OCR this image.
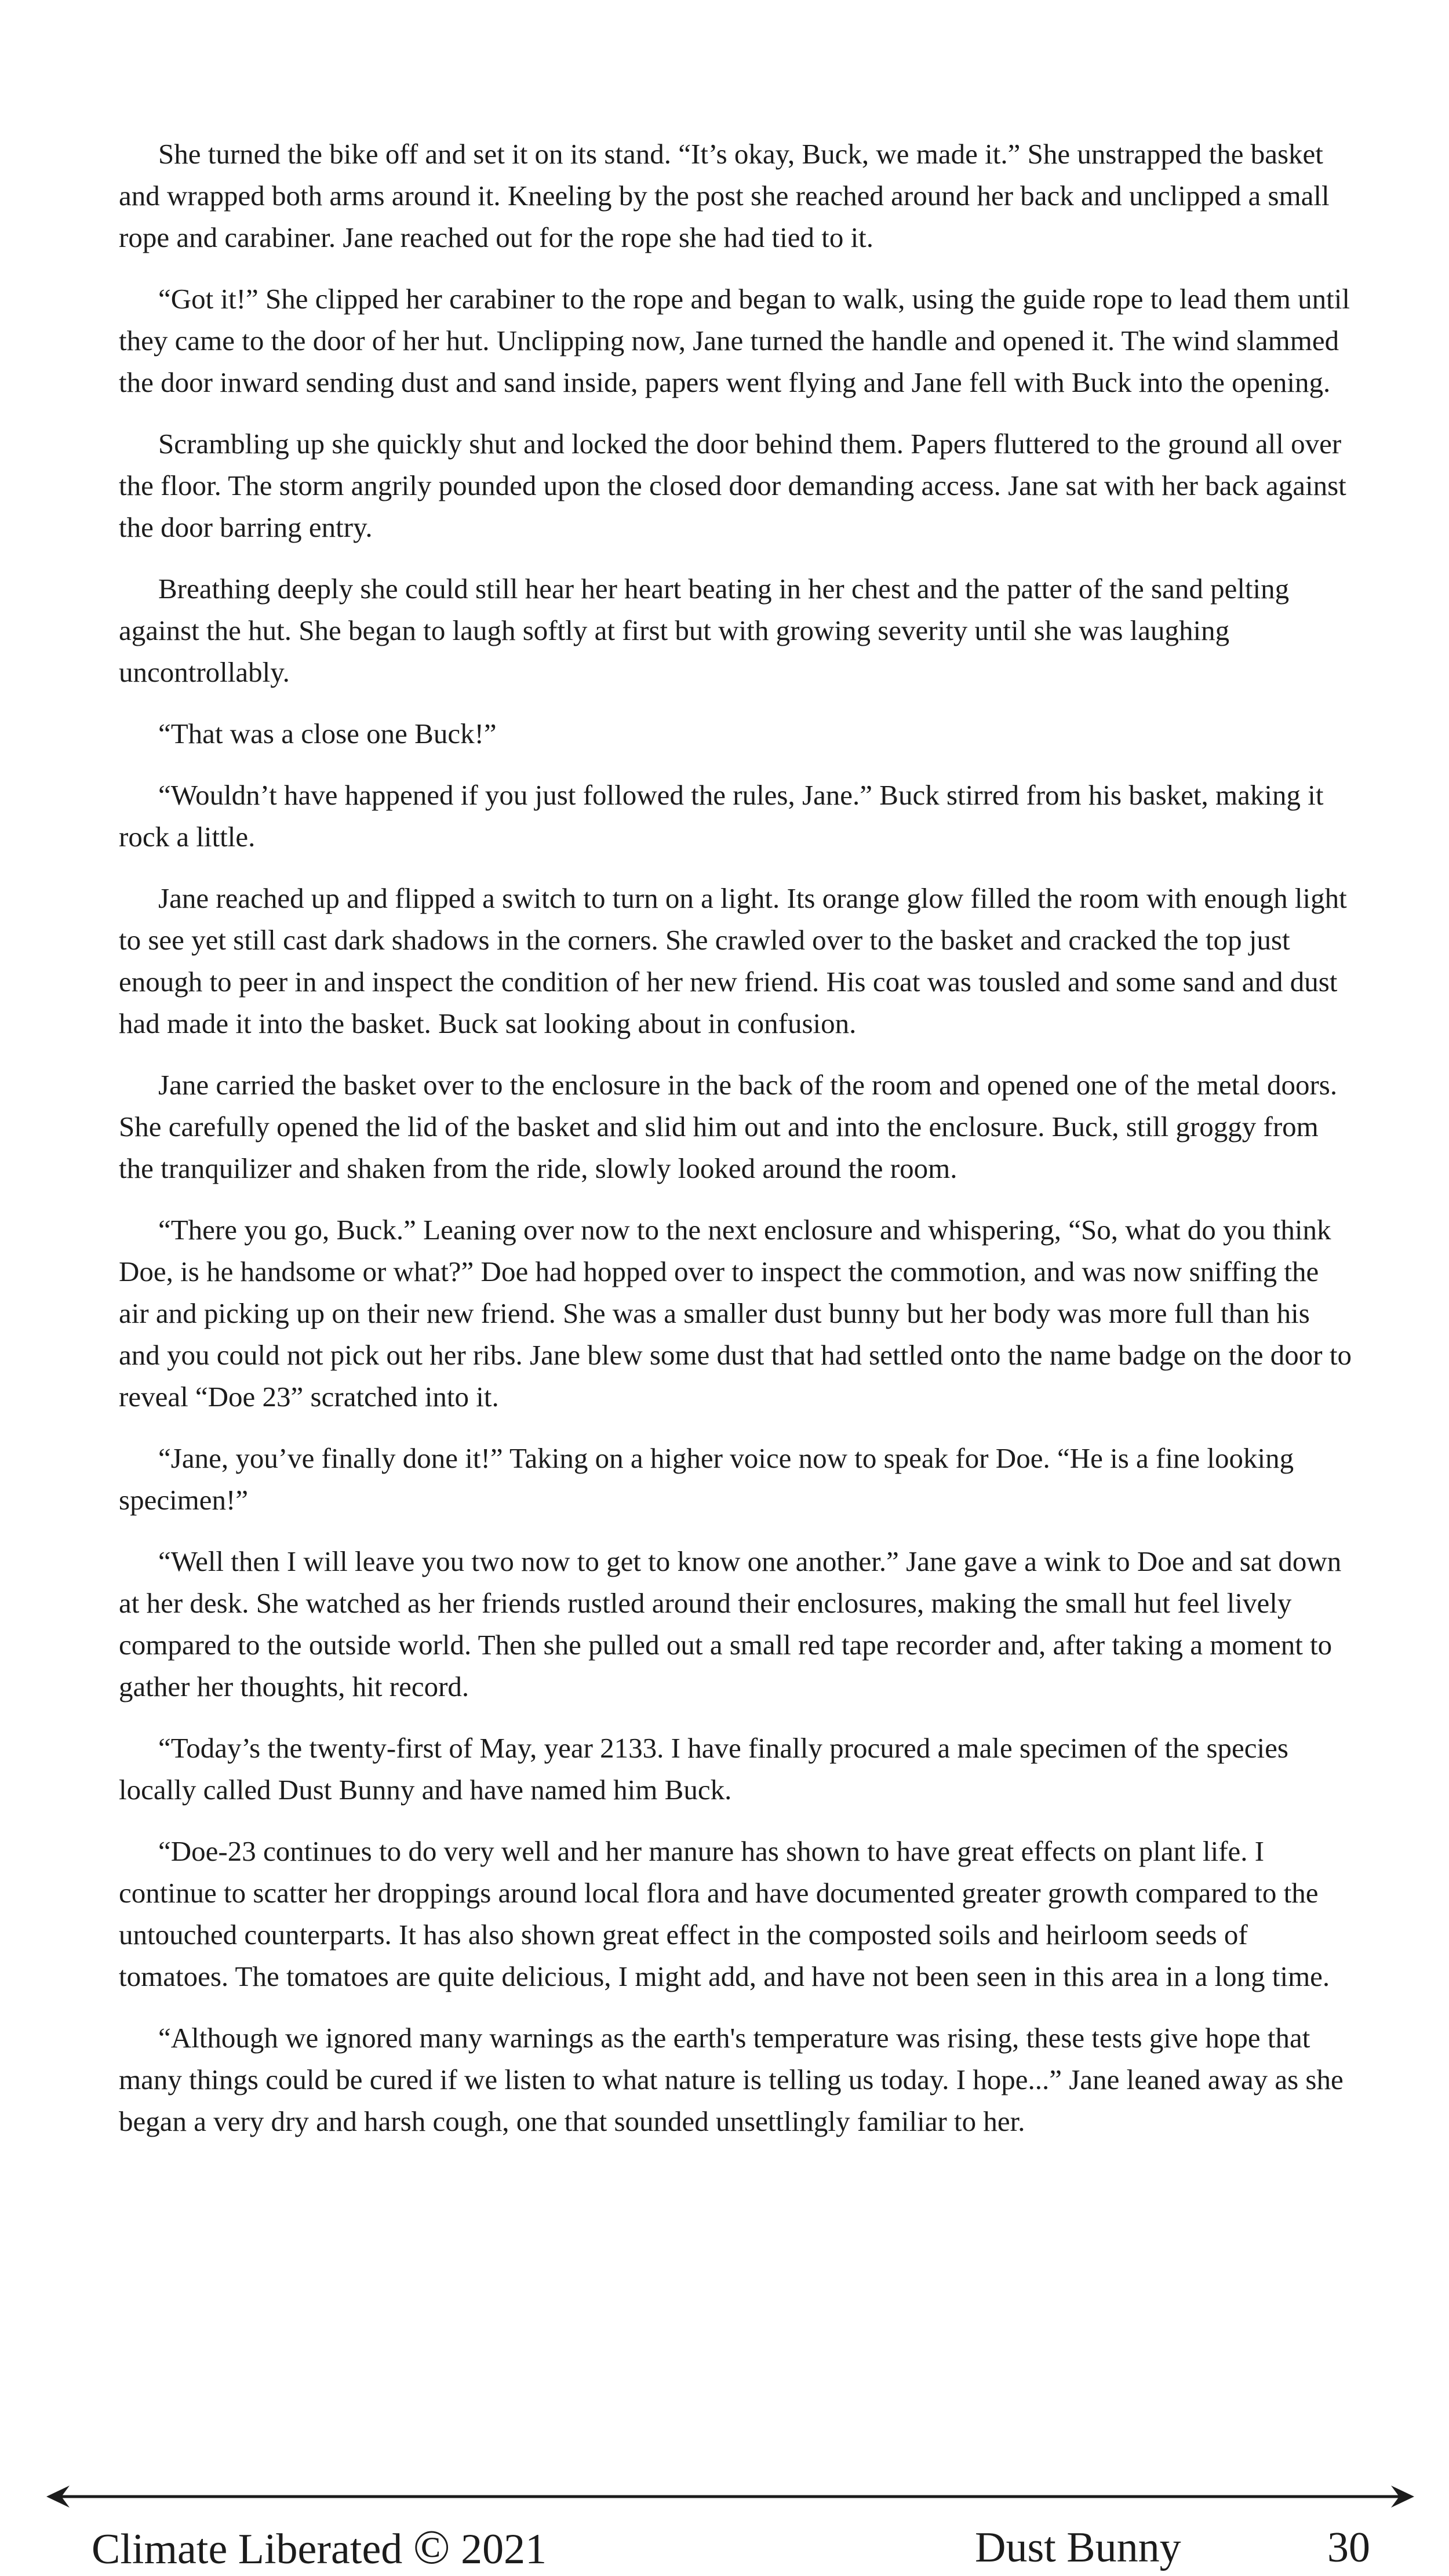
She turned the bike off and set it on its stand. “It’s okay, Buck, we made it.” She unstrapped the basket and wrapped both arms around it. Kneeling by the post she reached around her back and unclipped a small rope and carabiner. Jane reached out for the rope she had tied to it.

“Got it!” She clipped her carabiner to the rope and began to walk, using the guide rope to lead them until they came to the door of her hut. Unclipping now, Jane turned the handle and opened it. The wind slammed the door inward sending dust and sand inside, papers went flying and Jane fell with Buck into the opening.

Scrambling up she quickly shut and locked the door behind them. Papers fluttered to the ground all over the floor. The storm angrily pounded upon the closed door demanding access. Jane sat with her back against the door barring entry.

Breathing deeply she could still hear her heart beating in her chest and the patter of the sand pelting against the hut. She began to laugh softly at first but with growing severity until she was laughing uncontrollably.

“That was a close one Buck!”

“Wouldn’t have happened if you just followed the rules, Jane.” Buck stirred from his basket, making it rock a little.

Jane reached up and flipped a switch to turn on a light. Its orange glow filled the room with enough light to see yet still cast dark shadows in the corners. She crawled over to the basket and cracked the top just enough to peer in and inspect the condition of her new friend. His coat was tousled and some sand and dust had made it into the basket. Buck sat looking about in confusion.

Jane carried the basket over to the enclosure in the back of the room and opened one of the metal doors. She carefully opened the lid of the basket and slid him out and into the enclosure. Buck, still groggy from the tranquilizer and shaken from the ride, slowly looked around the room.

“There you go, Buck.” Leaning over now to the next enclosure and whispering, “So, what do you think Doe, is he handsome or what?” Doe had hopped over to inspect the commotion, and was now sniffing the air and picking up on their new friend. She was a smaller dust bunny but her body was more full than his and you could not pick out her ribs. Jane blew some dust that had settled onto the name badge on the door to reveal “Doe 23” scratched into it.

“Jane, you’ve finally done it!” Taking on a higher voice now to speak for Doe. “He is a fine looking specimen!”

“Well then I will leave you two now to get to know one another.” Jane gave a wink to Doe and sat down at her desk. She watched as her friends rustled around their enclosures, making the small hut feel lively compared to the outside world. Then she pulled out a small red tape recorder and, after taking a moment to gather her thoughts, hit record.

“Today’s the twenty-first of May, year 2133. I have finally procured a male specimen of the species locally called Dust Bunny and have named him Buck.

“Doe-23 continues to do very well and her manure has shown to have great effects on plant life. I continue to scatter her droppings around local flora and have documented greater growth compared to the untouched counterparts. It has also shown great effect in the composted soils and heirloom seeds of tomatoes. The tomatoes are quite delicious, I might add, and have not been seen in this area in a long time.

“Although we ignored many warnings as the earth's temperature was rising, these tests give hope that many things could be cured if we listen to what nature is telling us today. I hope...” Jane leaned away as she began a very dry and harsh cough, one that sounded unsettlingly familiar to her.

Climate Liberated © 2021	Dust Bunny	30
